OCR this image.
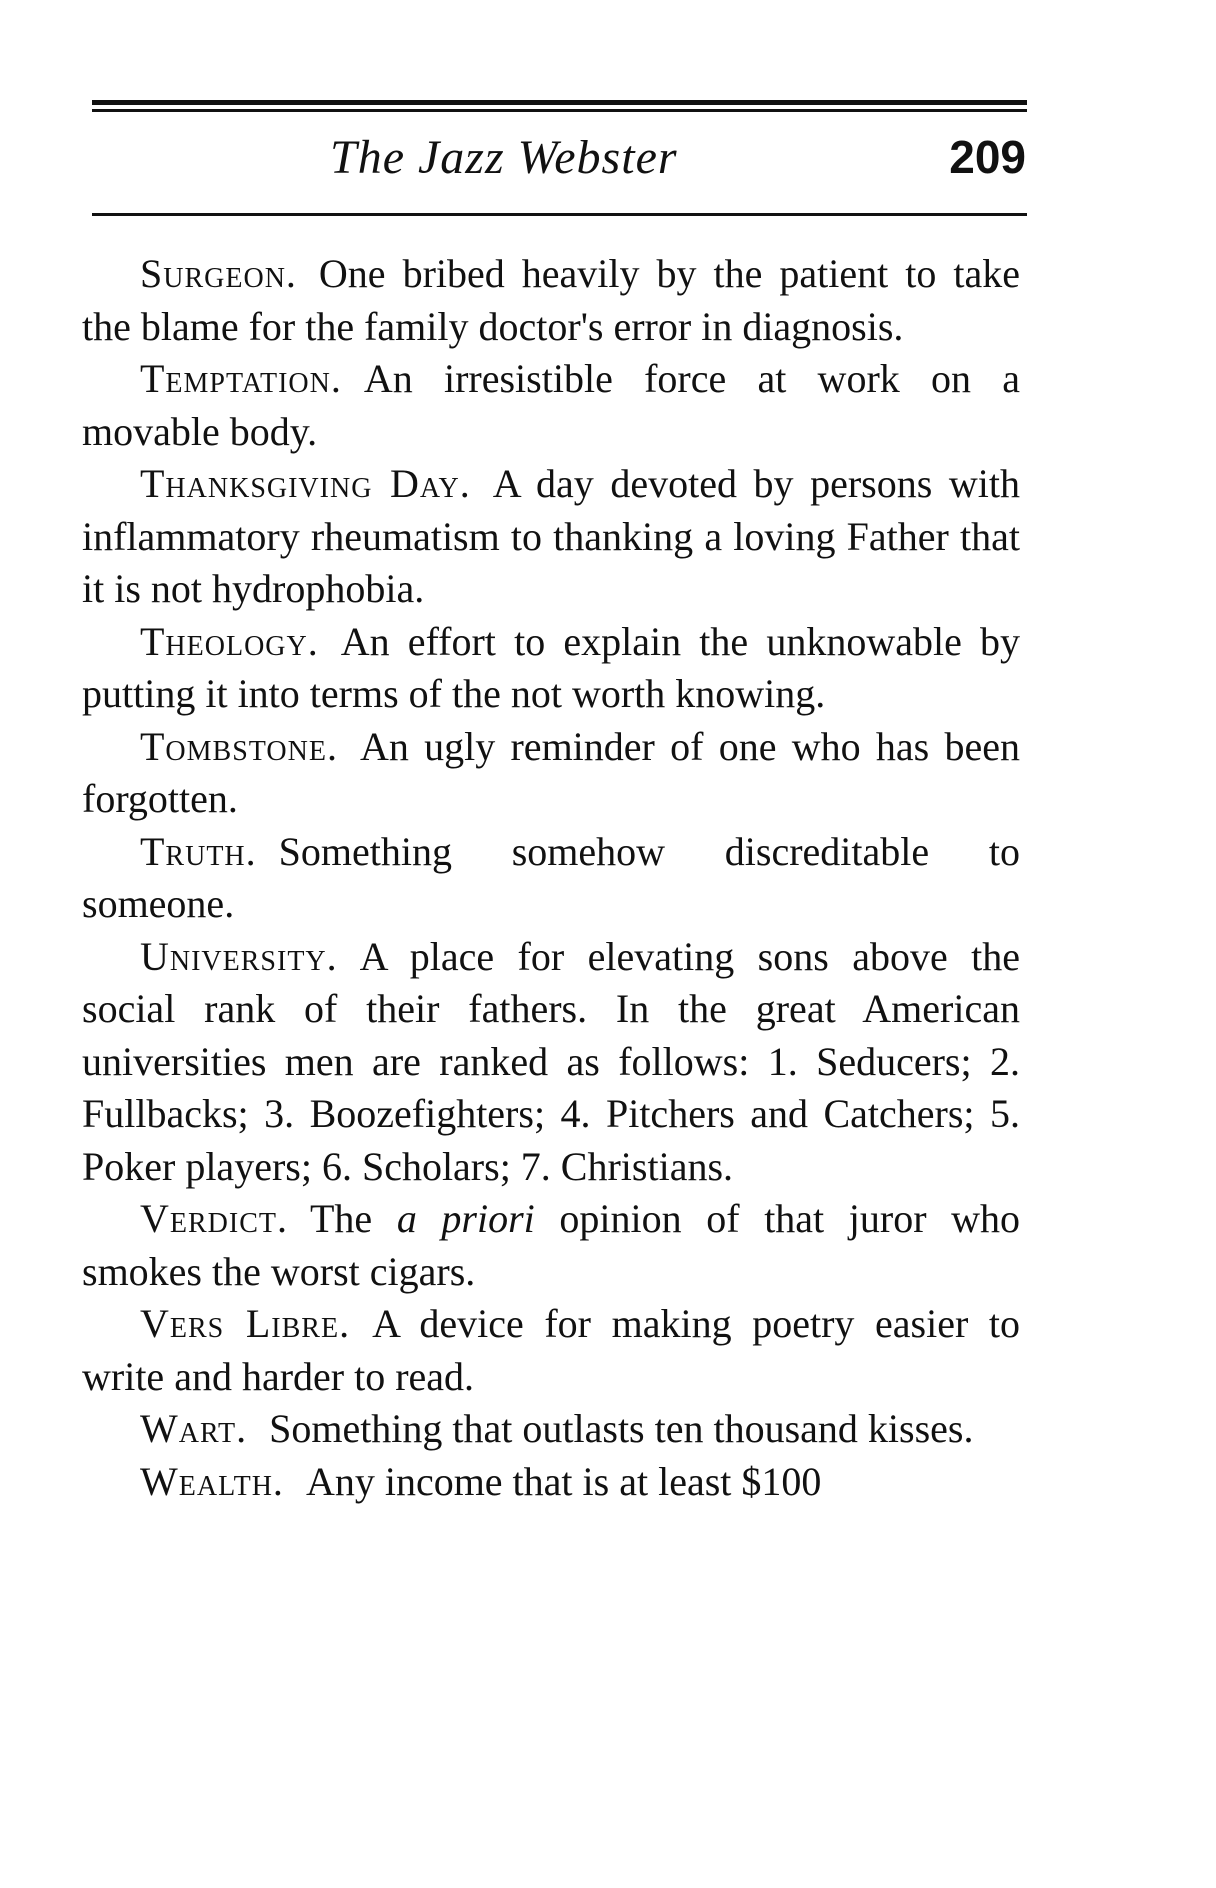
The Jazz Webster	209

Surgeon. One bribed heavily by the patient to take the blame for the family doctor's error in diagnosis.

Temptation. An irresistible force at work on a movable body.

Thanksgiving Day. A day devoted by persons with inflammatory rheumatism to thanking a loving Father that it is not hydrophobia.

Theology. An effort to explain the unknowable by putting it into terms of the not worth knowing.

Tombstone. An ugly reminder of one who has been forgotten.

Truth. Something somehow discreditable to someone.

University. A place for elevating sons above the social rank of their fathers. In the great American universities men are ranked as follows: 1. Seducers; 2. Fullbacks; 3. Boozefighters; 4. Pitchers and Catchers; 5. Poker players; 6. Scholars; 7. Christians.

Verdict. The a priori opinion of that juror who smokes the worst cigars.

Vers Libre. A device for making poetry easier to write and harder to read.

Wart. Something that outlasts ten thousand kisses.

Wealth. Any income that is at least $100
